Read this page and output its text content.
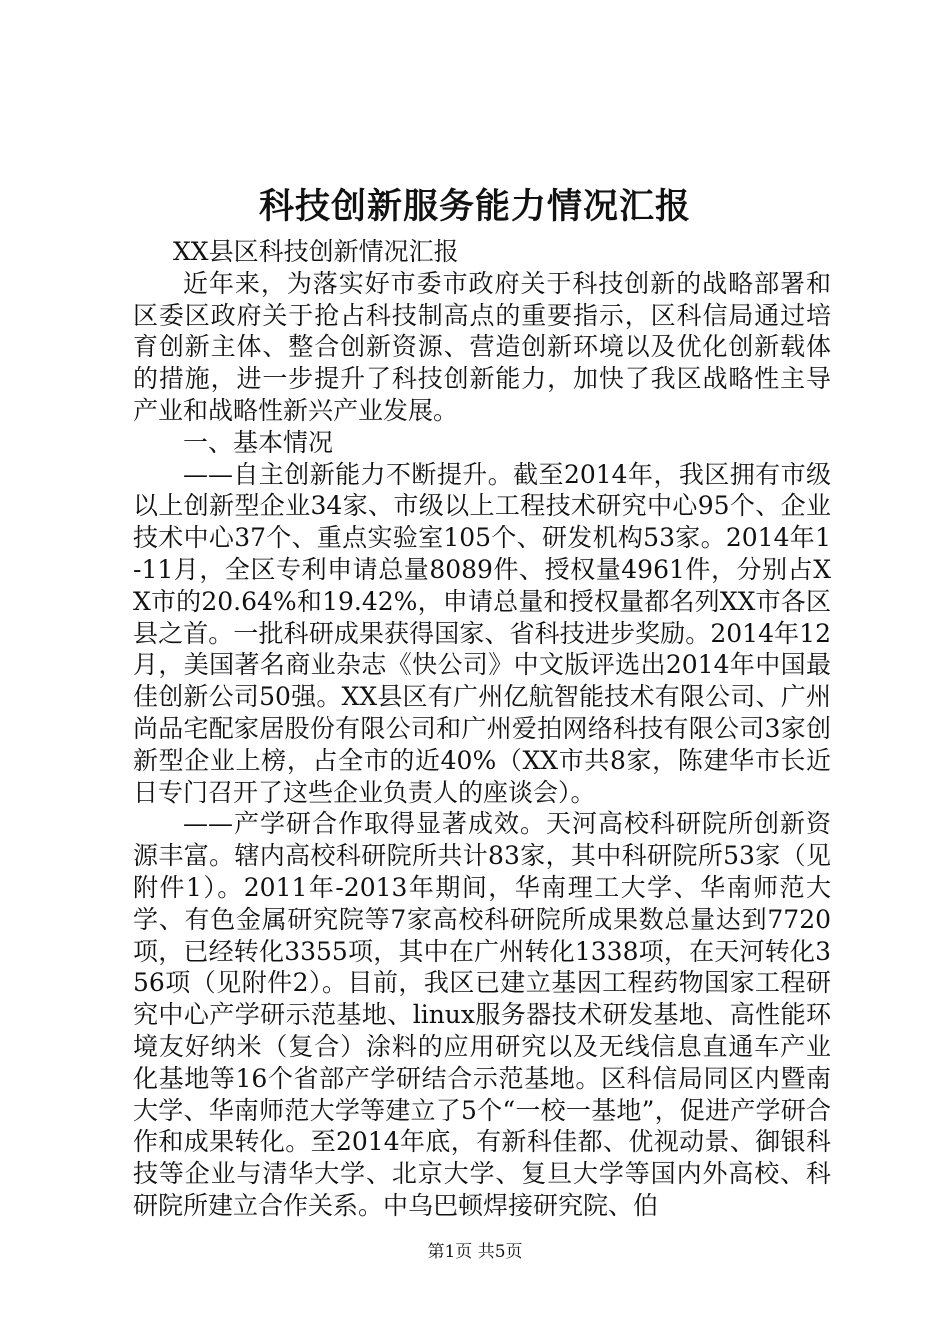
科技创新服务能力情况汇报

XX县区科技创新情况汇报

近年来，为落实好市委市政府关于科技创新的战略部署和区委区政府关于抢占科技制高点的重要指示，区科信局通过培育创新主体、整合创新资源、营造创新环境以及优化创新载体的措施，进一步提升了科技创新能力，加快了我区战略性主导产业和战略性新兴产业发展。

一、基本情况

——自主创新能力不断提升。截至2014年，我区拥有市级以上创新型企业34家、市级以上工程技术研究中心95个、企业技术中心37个、重点实验室105个、研发机构53家。2014年1-11月，全区专利申请总量8089件、授权量4961件，分别占XX市的20.64%和19.42%，申请总量和授权量都名列XX市各区县之首。一批科研成果获得国家、省科技进步奖励。2014年12月，美国著名商业杂志《快公司》中文版评选出2014年中国最佳创新公司50强。XX县区有广州亿航智能技术有限公司、广州尚品宅配家居股份有限公司和广州爱拍网络科技有限公司3家创新型企业上榜，占全市的近40%（XX市共8家，陈建华市长近日专门召开了这些企业负责人的座谈会）。

——产学研合作取得显著成效。天河高校科研院所创新资源丰富。辖内高校科研院所共计83家，其中科研院所53家（见附件1）。2011年-2013年期间，华南理工大学、华南师范大学、有色金属研究院等7家高校科研院所成果数总量达到7720项，已经转化3355项，其中在广州转化1338项，在天河转化356项（见附件2）。目前，我区已建立基因工程药物国家工程研究中心产学研示范基地、linux服务器技术研发基地、高性能环境友好纳米（复合）涂料的应用研究以及无线信息直通车产业化基地等16个省部产学研结合示范基地。区科信局同区内暨南大学、华南师范大学等建立了5个“一校一基地”，促进产学研合作和成果转化。至2014年底，有新科佳都、优视动景、御银科技等企业与清华大学、北京大学、复旦大学等国内外高校、科研院所建立合作关系。中乌巴顿焊接研究院、伯

第1页 共5页
